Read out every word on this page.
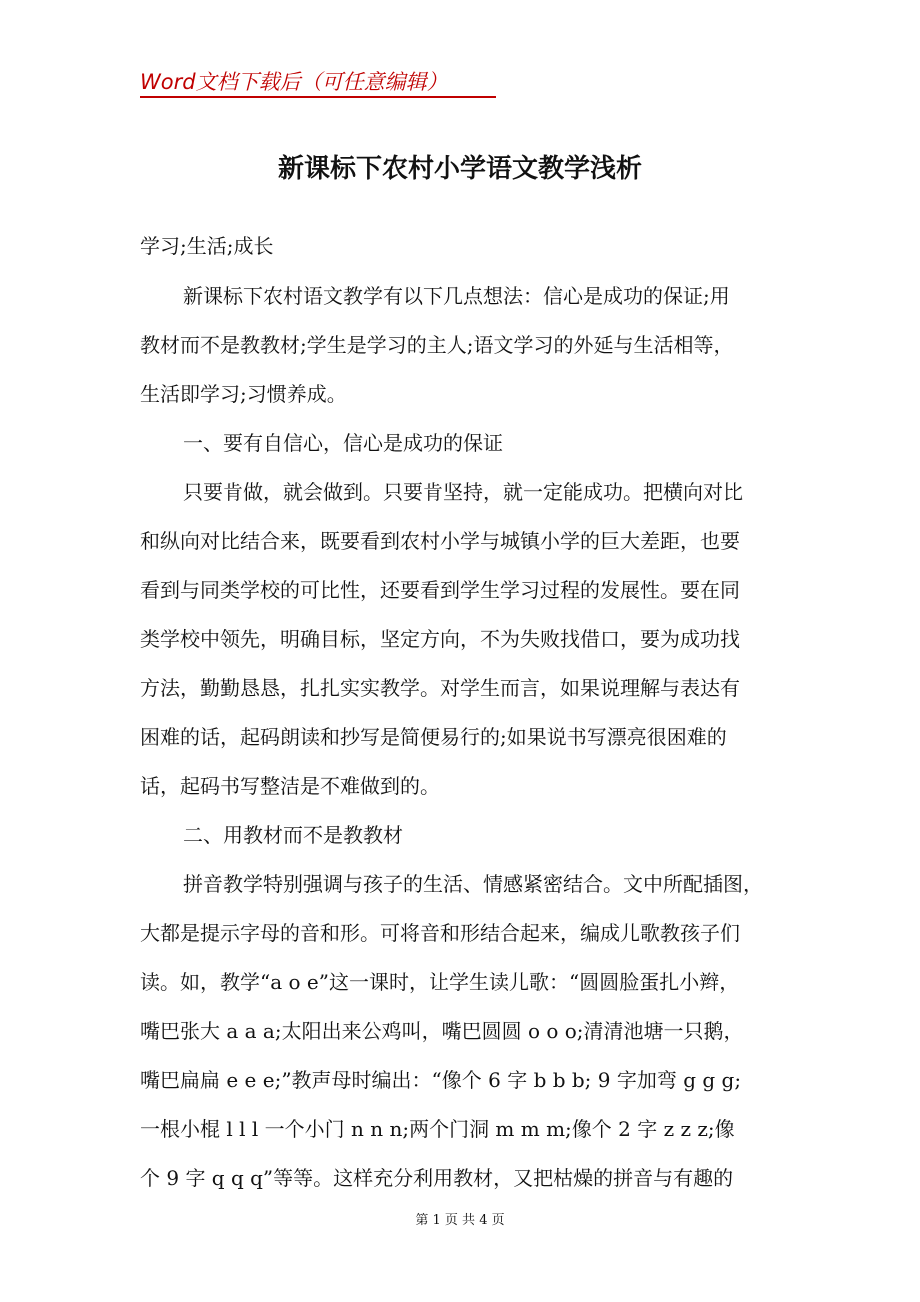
Word文档下载后（可任意编辑）
新课标下农村小学语文教学浅析
学习;生活;成长
新课标下农村语文教学有以下几点想法：信心是成功的保证;用
教材而不是教教材;学生是学习的主人;语文学习的外延与生活相等，
生活即学习;习惯养成。
一、要有自信心，信心是成功的保证
只要肯做，就会做到。只要肯坚持，就一定能成功。把横向对比
和纵向对比结合来，既要看到农村小学与城镇小学的巨大差距，也要
看到与同类学校的可比性，还要看到学生学习过程的发展性。要在同
类学校中领先，明确目标，坚定方向，不为失败找借口，要为成功找
方法，勤勤恳恳，扎扎实实教学。对学生而言，如果说理解与表达有
困难的话，起码朗读和抄写是简便易行的;如果说书写漂亮很困难的
话，起码书写整洁是不难做到的。
二、用教材而不是教教材
拼音教学特别强调与孩子的生活、情感紧密结合。文中所配插图，
大都是提示字母的音和形。可将音和形结合起来，编成儿歌教孩子们
读。如，教学“a o e”这一课时，让学生读儿歌：“圆圆脸蛋扎小辫，
嘴巴张大 a a a;太阳出来公鸡叫，嘴巴圆圆 o o o;清清池塘一只鹅，
嘴巴扁扁 e e e;”教声母时编出：“像个 6 字 b b b; 9 字加弯 g g g;
一根小棍 l l l 一个小门 n n n;两个门洞 m m m;像个 2 字 z z z;像
个 9 字 q q q”等等。这样充分利用教材，又把枯燥的拼音与有趣的
第 1 页 共 4 页
